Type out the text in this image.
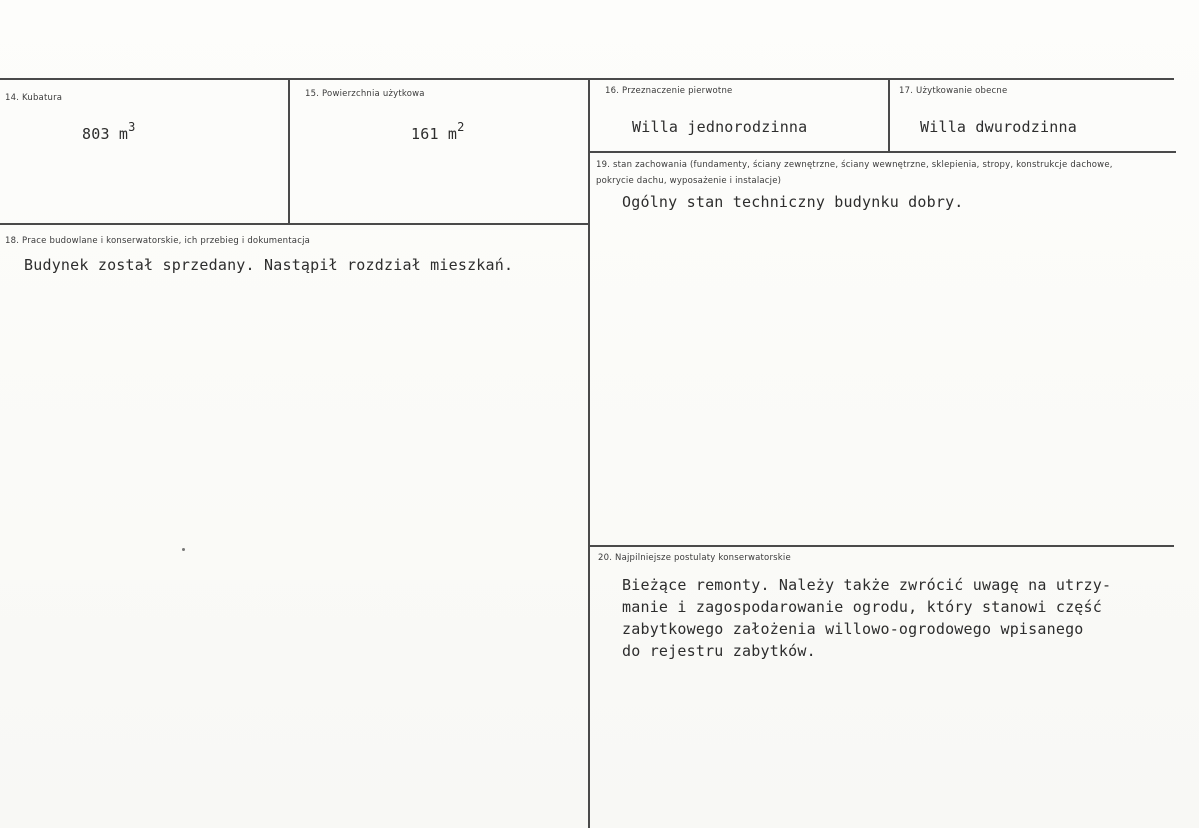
14. Kubatura
803 $m^3$
15. Powierzchnia użytkowa
161 $m^2$
16. Przeznaczenie pierwotne
Willa jednorodzinna
17. Użytkowanie obecne
Willa dwurodzinna
18. Prace budowlane i konserwatorskie, ich przebieg i dokumentacja
Budynek został sprzedany. Nastąpił rozdział mieszkań.
19. stan zachowania (fundamenty, ściany zewnętrzne, ściany wewnętrzne, sklepienia, stropy, konstrukcje dachowe, pokrycie dachu, wyposażenie i instalacje)
Ogólny stan techniczny budynku dobry.
20. Najpilniejsze postulaty konserwatorskie
Bieżące remonty. Należy także zwrócić uwagę na utrzy-
manie i zagospodarowanie ogrodu, który stanowi część
zabytkowego założenia willowo-ogrodowego wpisanego
do rejestru zabytków.
